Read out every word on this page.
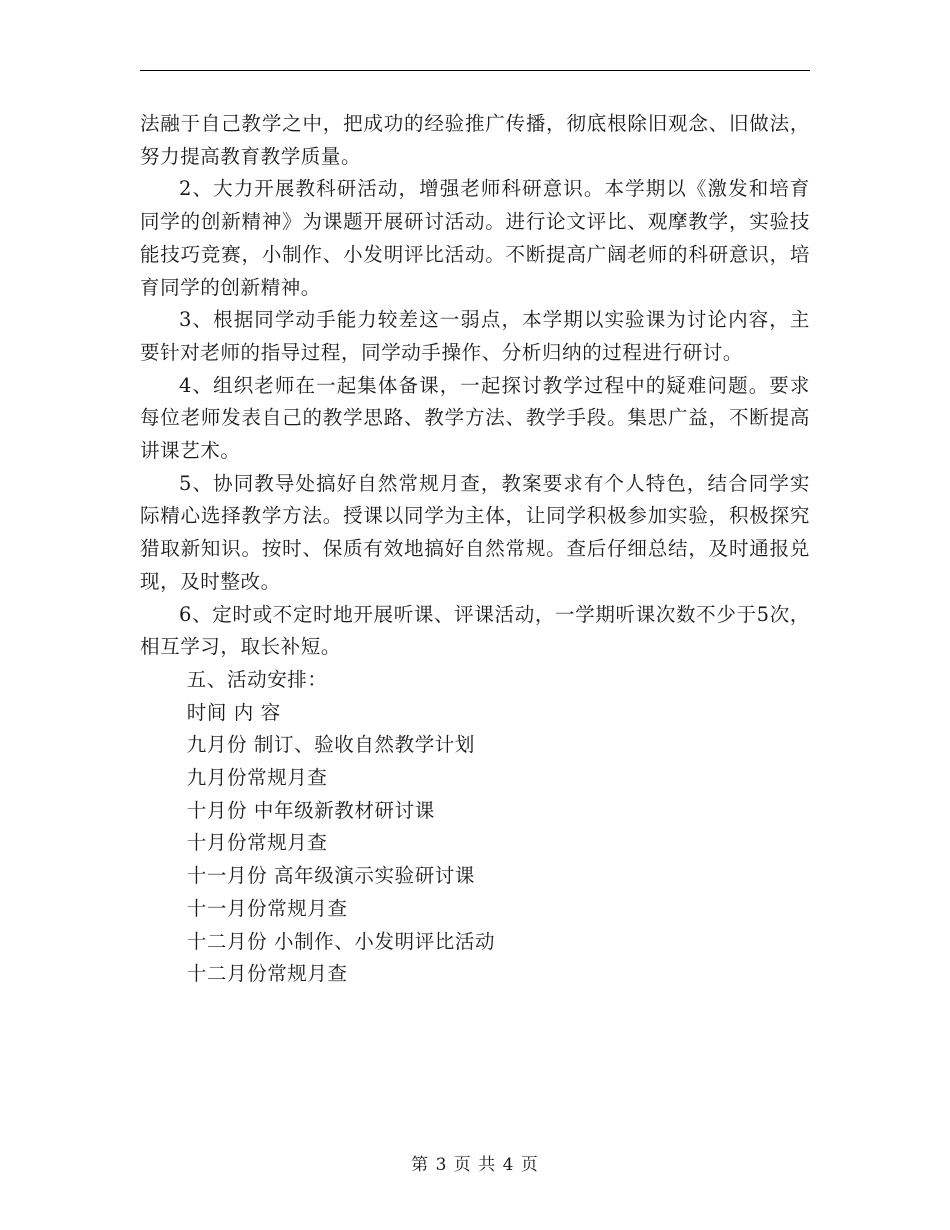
法融于自己教学之中，把成功的经验推广传播，彻底根除旧观念、旧做法，努力提高教育教学质量。

2、大力开展教科研活动，增强老师科研意识。本学期以《激发和培育同学的创新精神》为课题开展研讨活动。进行论文评比、观摩教学，实验技能技巧竞赛，小制作、小发明评比活动。不断提高广阔老师的科研意识，培育同学的创新精神。

3、根据同学动手能力较差这一弱点，本学期以实验课为讨论内容，主要针对老师的指导过程，同学动手操作、分析归纳的过程进行研讨。

4、组织老师在一起集体备课，一起探讨教学过程中的疑难问题。要求每位老师发表自己的教学思路、教学方法、教学手段。集思广益，不断提高讲课艺术。

5、协同教导处搞好自然常规月查，教案要求有个人特色，结合同学实际精心选择教学方法。授课以同学为主体，让同学积极参加实验，积极探究猎取新知识。按时、保质有效地搞好自然常规。查后仔细总结，及时通报兑现，及时整改。

6、定时或不定时地开展听课、评课活动，一学期听课次数不少于5次，相互学习，取长补短。

五、活动安排：

时间 内 容

九月份 制订、验收自然教学计划

九月份常规月查

十月份 中年级新教材研讨课

十月份常规月查

十一月份 高年级演示实验研讨课

十一月份常规月查

十二月份 小制作、小发明评比活动

十二月份常规月查

第 3 页 共 4 页
